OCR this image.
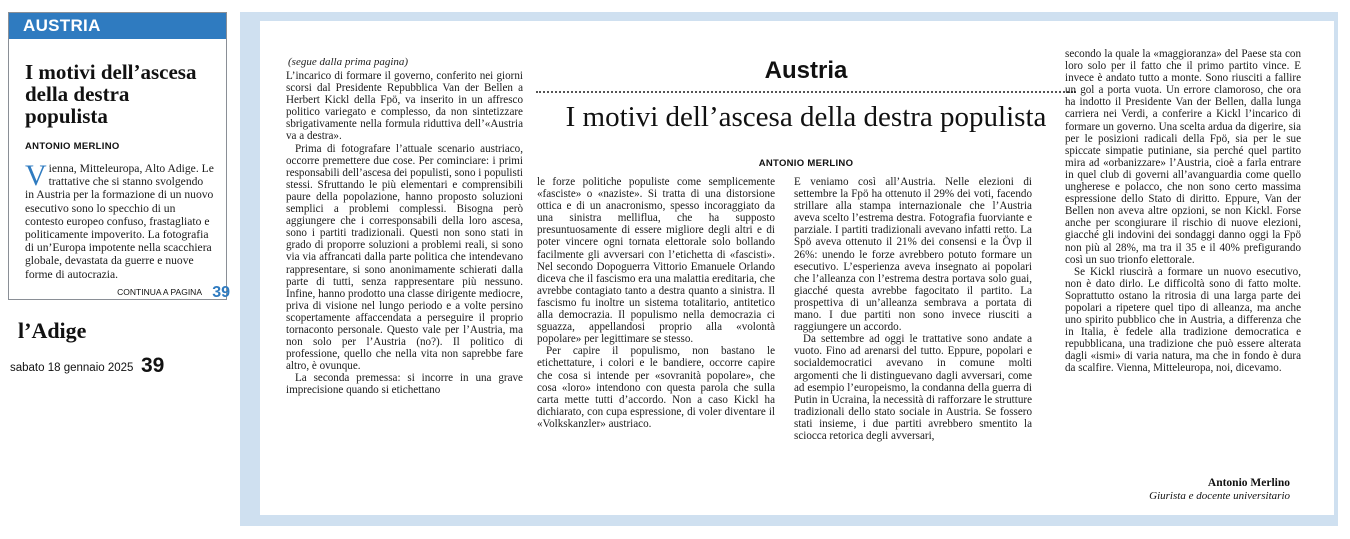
AUSTRIA
I motivi dell’ascesa della destra populista
ANTONIO MERLINO
Vienna, Mitteleuropa, Alto Adige. Le trattative che si stanno svolgendo in Austria per la formazione di un nuovo esecutivo sono lo specchio di un contesto europeo confuso, frastagliato e politicamente impoverito. La fotografia di un’Europa impotente nella scacchiera globale, devastata da guerre e nuove forme di autocrazia.
CONTINUA A PAGINA 39
l’Adige
sabato 18 gennaio 2025 39
(segue dalla prima pagina)	Austria
I motivi dell’ascesa della destra populista
ANTONIO MERLINO

L’incarico di formare il governo, conferito nei giorni scorsi dal Presidente Repubblica Van der Bellen a Herbert Kickl della Fpö, va inserito in un affresco politico variegato e complesso, da non sintetizzare sbrigativamente nella formula riduttiva dell’«Austria va a destra».

Prima di fotografare l’attuale scenario austriaco, occorre premettere due cose. Per cominciare: i primi responsabili dell’ascesa dei populisti, sono i populisti stessi. Sfruttando le più elementari e comprensibili paure della popolazione, hanno proposto soluzioni semplici a problemi complessi. Bisogna però aggiungere che i corresponsabili della loro ascesa, sono i partiti tradizionali. Questi non sono stati in grado di proporre soluzioni a problemi reali, si sono via via affrancati dalla parte politica che intendevano rappresentare, si sono anonimamente schierati dalla parte di tutti, senza rappresentare più nessuno. Infine, hanno prodotto una classe dirigente mediocre, priva di visione nel lungo periodo e a volte persino scopertamente affaccendata a perseguire il proprio tornaconto personale. Questo vale per l’Austria, ma non solo per l’Austria (no?). Il politico di professione, quello che nella vita non saprebbe fare altro, è ovunque.

La seconda premessa: si incorre in una grave imprecisione quando si etichettano

le forze politiche populiste come semplicemente «fasciste» o «naziste». Si tratta di una distorsione ottica e di un anacronismo, spesso incoraggiato da una sinistra melliflua, che ha supposto presuntuosamente di essere migliore degli altri e di poter vincere ogni tornata elettorale solo bollando facilmente gli avversari con l’etichetta di «fascisti». Nel secondo Dopoguerra Vittorio Emanuele Orlando diceva che il fascismo era una malattia ereditaria, che avrebbe contagiato tanto a destra quanto a sinistra. Il fascismo fu inoltre un sistema totalitario, antitetico alla democrazia. Il populismo nella democrazia ci sguazza, appellandosi proprio alla «volontà popolare» per legittimare se stesso.

Per capire il populismo, non bastano le etichettature, i colori e le bandiere, occorre capire che cosa si intende per «sovranità popolare», che cosa «loro» intendono con questa parola che sulla carta mette tutti d’accordo. Non a caso Kickl ha dichiarato, con cupa espressione, di voler diventare il «Volkskanzler» austriaco.

E veniamo così all’Austria. Nelle elezioni di settembre la Fpö ha ottenuto il 29% dei voti, facendo strillare alla stampa internazionale che l’Austria aveva scelto l’estrema destra. Fotografia fuorviante e parziale. I partiti tradizionali avevano infatti retto. La Spö aveva ottenuto il 21% dei consensi e la Övp il 26%: unendo le forze avrebbero potuto formare un esecutivo. L’esperienza aveva insegnato ai popolari che l’alleanza con l’estrema destra portava solo guai, giacché questa avrebbe fagocitato il partito. La prospettiva di un’alleanza sembrava a portata di mano. I due partiti non sono invece riusciti a raggiungere un accordo.

Da settembre ad oggi le trattative sono andate a vuoto. Fino ad arenarsi del tutto. Eppure, popolari e socialdemocratici avevano in comune molti argomenti che li distinguevano dagli avversari, come ad esempio l’europeismo, la condanna della guerra di Putin in Ucraina, la necessità di rafforzare le strutture tradizionali dello stato sociale in Austria. Se fossero stati insieme, i due partiti avrebbero smentito la sciocca retorica degli avversari,

secondo la quale la «maggioranza» del Paese sta con loro solo per il fatto che il primo partito vince. E invece è andato tutto a monte. Sono riusciti a fallire un gol a porta vuota. Un errore clamoroso, che ora ha indotto il Presidente Van der Bellen, dalla lunga carriera nei Verdi, a conferire a Kickl l’incarico di formare un governo. Una scelta ardua da digerire, sia per le posizioni radicali della Fpö, sia per le sue spiccate simpatie putiniane, sia perché quel partito mira ad «orbanizzare» l’Austria, cioè a farla entrare in quel club di governi all’avanguardia come quello ungherese e polacco, che non sono certo massima espressione dello Stato di diritto. Eppure, Van der Bellen non aveva altre opzioni, se non Kickl. Forse anche per scongiurare il rischio di nuove elezioni, giacché gli indovini dei sondaggi danno oggi la Fpö non più al 28%, ma tra il 35 e il 40% prefigurando così un suo trionfo elettorale.

Se Kickl riuscirà a formare un nuovo esecutivo, non è dato dirlo. Le difficoltà sono di fatto molte. Soprattutto ostano la ritrosia di una larga parte dei popolari a ripetere quel tipo di alleanza, ma anche uno spirito pubblico che in Austria, a differenza che in Italia, è fedele alla tradizione democratica e repubblicana, una tradizione che può essere alterata dagli «ismi» di varia natura, ma che in fondo è dura da scalfire. Vienna, Mitteleuropa, noi, dicevamo.

Antonio Merlino
Giurista e docente universitario
